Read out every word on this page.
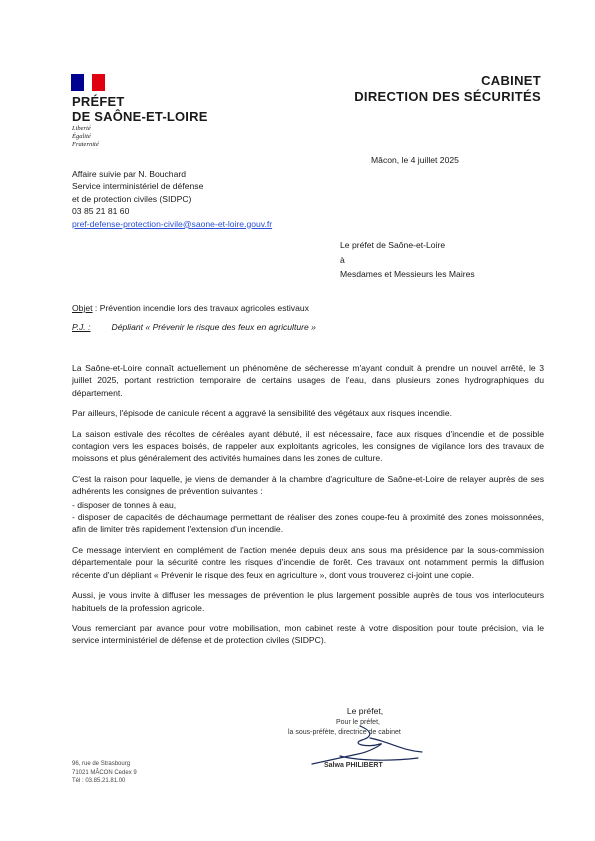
PRÉFET
DE SAÔNE-ET-LOIRE
Liberté
Égalité
Fraternité
CABINET
DIRECTION DES SÉCURITÉS
Mâcon, le 4 juillet 2025
Affaire suivie par N. Bouchard
Service interministériel de défense
et de protection civiles (SIDPC)
03 85 21 81 60
pref-defense-protection-civile@saone-et-loire.gouv.fr
Le préfet de Saône-et-Loire
à
Mesdames et Messieurs les Maires
Objet : Prévention incendie lors des travaux agricoles estivaux
P.J. : Dépliant « Prévenir le risque des feux en agriculture »

La Saône-et-Loire connaît actuellement un phénomène de sécheresse m'ayant conduit à prendre un nouvel arrêté, le 3 juillet 2025, portant restriction temporaire de certains usages de l'eau, dans plusieurs zones hydrographiques du département.

Par ailleurs, l'épisode de canicule récent a aggravé la sensibilité des végétaux aux risques incendie.

La saison estivale des récoltes de céréales ayant débuté, il est nécessaire, face aux risques d'incendie et de possible contagion vers les espaces boisés, de rappeler aux exploitants agricoles, les consignes de vigilance lors des travaux de moissons et plus généralement des activités humaines dans les zones de culture.

C'est la raison pour laquelle, je viens de demander à la chambre d'agriculture de Saône-et-Loire de relayer auprès de ses adhérents les consignes de prévention suivantes :

- disposer de tonnes à eau,

- disposer de capacités de déchaumage permettant de réaliser des zones coupe-feu à proximité des zones moissonnées, afin de limiter très rapidement l'extension d'un incendie.

Ce message intervient en complément de l'action menée depuis deux ans sous ma présidence par la sous-commission départementale pour la sécurité contre les risques d'incendie de forêt. Ces travaux ont notamment permis la diffusion récente d'un dépliant « Prévenir le risque des feux en agriculture », dont vous trouverez ci-joint une copie.

Aussi, je vous invite à diffuser les messages de prévention le plus largement possible auprès de tous vos interlocuteurs habituels de la profession agricole.

Vous remerciant par avance pour votre mobilisation, mon cabinet reste à votre disposition pour toute précision, via le service interministériel de défense et de protection civiles (SIDPC).

Le préfet,
Pour le préfet,
la sous-préfète, directrice de cabinet
Salwa PHILIBERT
96, rue de Strasbourg
71021 MÂCON Cedex 9
Tél : 03.85.21.81.00
